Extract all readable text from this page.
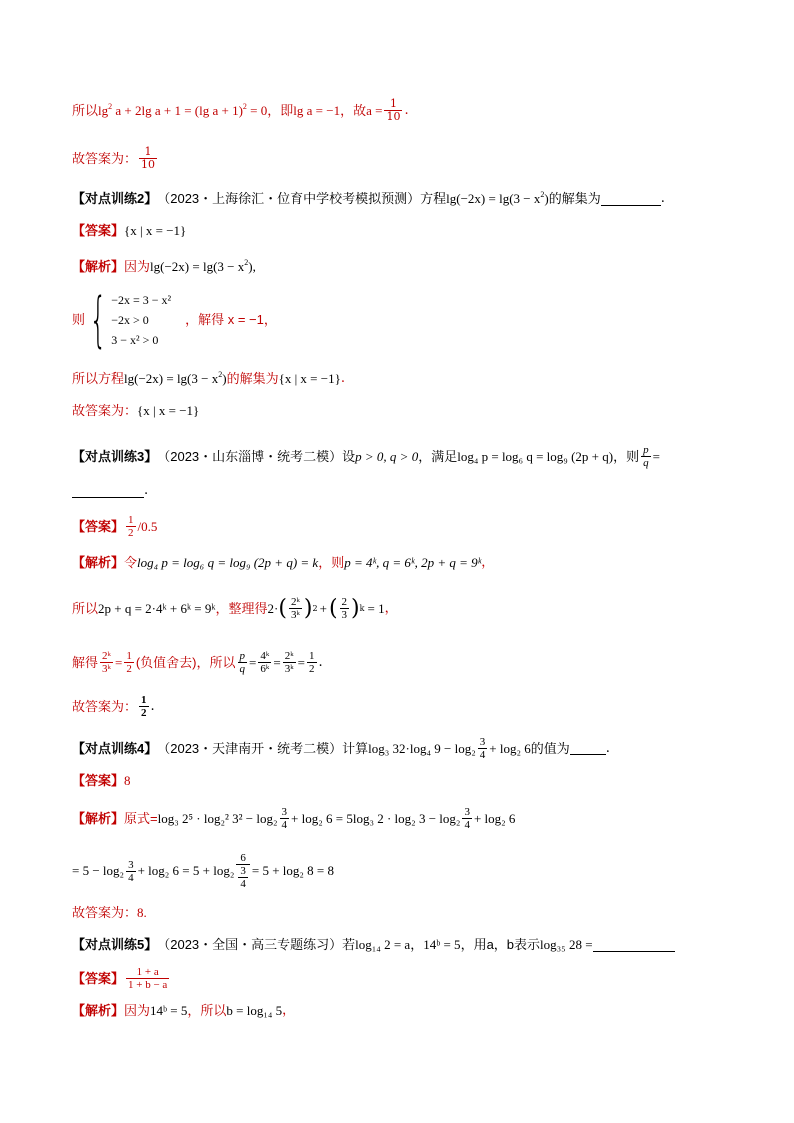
所以 $\lg^2 a + 2\lg$ a + 1 = (lg a + 1)$^2$ = 0 ，即 lg a = −1 ，故 $a = \frac{1}{10}$ .
故答案为： $\frac{1}{10}$
【对点训练2】 （2023・上海徐汇・位育中学校考模拟预测）方程 $\lg(-2x) = \lg(3 - x^2)$ 的解集为	.
【答案】 {x | x = −1}
【解析】 因为 $\lg(-2x) = \lg(3 - x^2)$,
则 { −2x = 3 − x²
−2x > 0
3 − x² > 0
，解得 x = −1，
所以方程 $\lg(-2x) = \lg(3 - x^2)$ 的解集为 {x | x = −1} .
故答案为： {x | x = −1}
【对点训练3】 （2023・山东淄博・统考二模）设 p > 0, q > 0 ，满足 log₄ p = log₆ q = log₉ (2p + q) ，则 $\frac{p}{q}$ =
.
【答案】 $\frac{1}{2} /0.5$
【解析】 令 log₄ p = log₆ q = log₉ (2p + q) = k ，则 p = 4ᵏ, q = 6ᵏ, 2p + q = 9ᵏ ，
所以 2p + q = 2·4ᵏ + 6ᵏ = 9ᵏ ，整理得 2· ( $\frac{\text{2ᵏ}}{\text{3ᵏ}}$ ) 2 + ( $\frac{2}{3}$ ) k = 1 ，
解得 $\frac{\text{2ᵏ}}{\text{3ᵏ}} = \frac{1}{2}$ (负值舍去)，所以 $\frac{p}{q} = \frac{\text{4ᵏ}}{\text{6ᵏ}} = \frac{\text{2ᵏ}}{\text{3ᵏ}} = \frac{1}{2}$ .
故答案为： $\frac{1}{2}$ .
【对点训练4】 （2023・天津南开・统考二模）计算 log₃ 32·log₄ $9 - \log_2 \frac{3}{4} + \log_2$ 6 的值为	.
【答案】 8
【解析】 原式= log₃ 2⁵ · log₂² $3^2 - \log_2 \frac{3}{4} + \log_2$ 6 = 5log₃ 2 · log₂ $3 - \log_2 \frac{3}{4} + \log_2$ 6
= $5 - \log_2 \frac{3}{4} + \log_2$ 6 = 5 + log₂ 6
3
4 = 5 + log₂ 8 = 8
故答案为： 8.
【对点训练5】 （2023・全国・高三专题练习）若 log₁₄ 2 = a ， 14ᵇ = 5 ，用a，b表示 log₃₅ 28 =
【答案】 $\frac{1 + a}{1 + b - a}$
【解析】 因为 14ᵇ = 5 ，所以 b = log₁₄ 5 ，
